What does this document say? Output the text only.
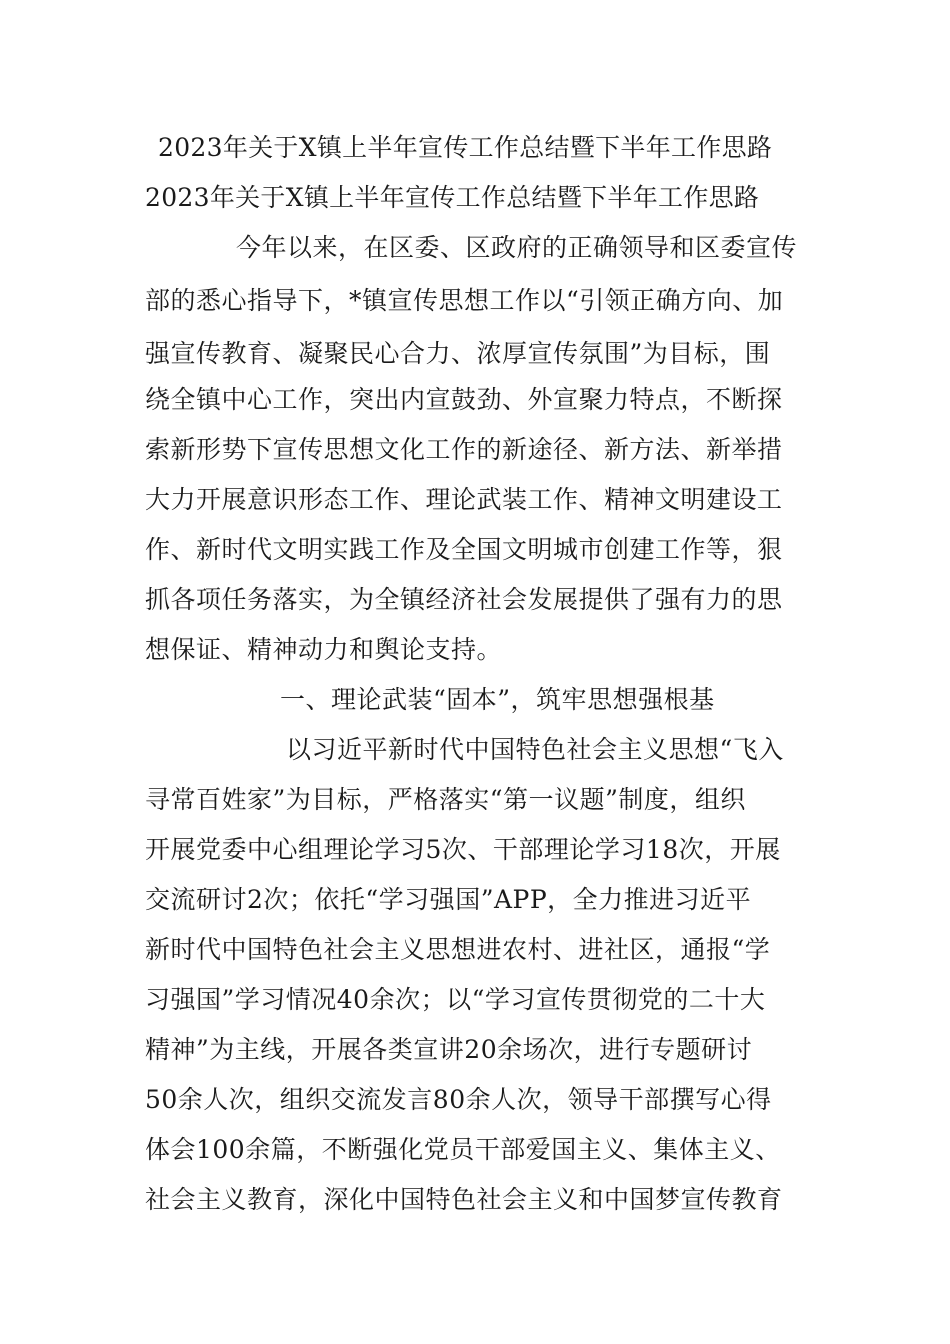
2023年关于X镇上半年宣传工作总结暨下半年工作思路
2023年关于X镇上半年宣传工作总结暨下半年工作思路
今年以来，在区委、区政府的正确领导和区委宣传
部的悉心指导下，*镇宣传思想工作以“引领正确方向、加
强宣传教育、凝聚民心合力、浓厚宣传氛围”为目标，围
绕全镇中心工作，突出内宣鼓劲、外宣聚力特点，不断探
索新形势下宣传思想文化工作的新途径、新方法、新举措
大力开展意识形态工作、理论武装工作、精神文明建设工
作、新时代文明实践工作及全国文明城市创建工作等，狠
抓各项任务落实，为全镇经济社会发展提供了强有力的思
想保证、精神动力和舆论支持。
一、理论武装“固本”，筑牢思想强根基
以习近平新时代中国特色社会主义思想“飞入
寻常百姓家”为目标，严格落实“第一议题”制度，组织
开展党委中心组理论学习5次、干部理论学习18次，开展
交流研讨2次；依托“学习强国”APP，全力推进习近平
新时代中国特色社会主义思想进农村、进社区，通报“学
习强国”学习情况40余次；以“学习宣传贯彻党的二十大
精神”为主线，开展各类宣讲20余场次，进行专题研讨
50余人次，组织交流发言80余人次，领导干部撰写心得
体会100余篇，不断强化党员干部爱国主义、集体主义、
社会主义教育，深化中国特色社会主义和中国梦宣传教育
